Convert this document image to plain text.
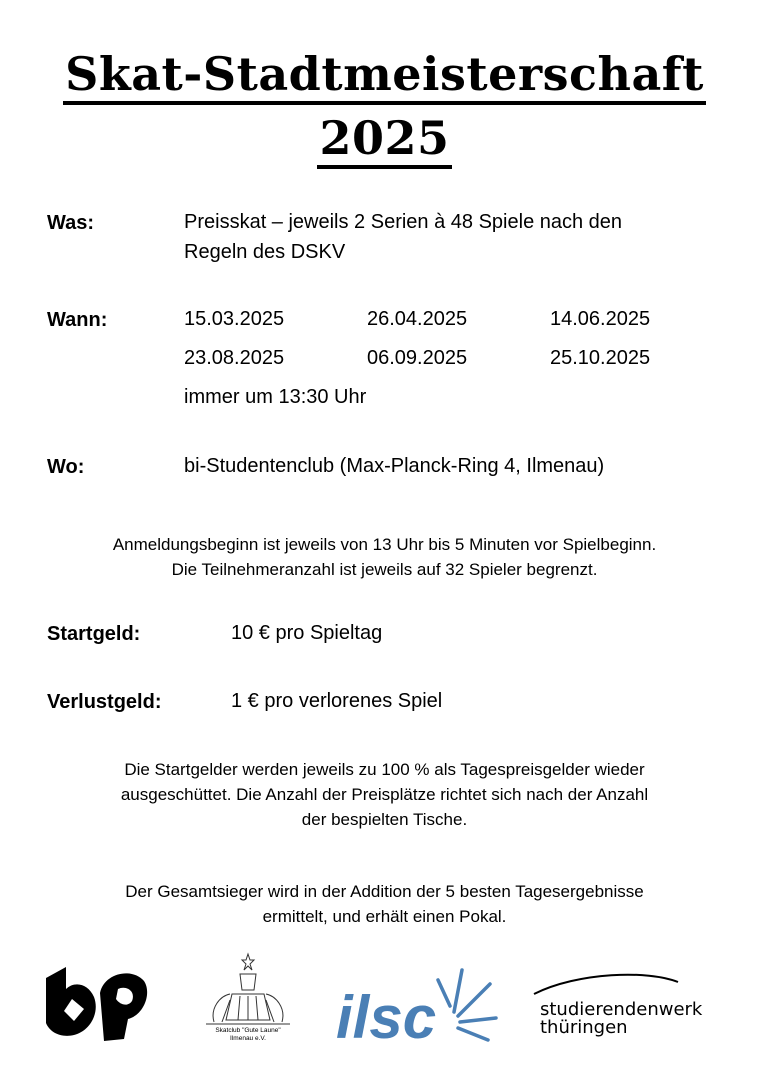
Skat-Stadtmeisterschaft
2025
Was:	Preisskat – jeweils 2 Serien à 48 Spiele nach den
Regeln des DSKV
Wann:	15.03.2025	26.04.2025	14.06.2025
23.08.2025	06.09.2025	25.10.2025
immer um 13:30 Uhr
Wo:	bi-Studentenclub (Max-Planck-Ring 4, Ilmenau)
Anmeldungsbeginn ist jeweils von 13 Uhr bis 5 Minuten vor Spielbeginn.
Die Teilnehmeranzahl ist jeweils auf 32 Spieler begrenzt.
Startgeld:	10 € pro Spieltag
Verlustgeld:	1 € pro verlorenes Spiel
Die Startgelder werden jeweils zu 100 % als Tagespreisgelder wieder
ausgeschüttet. Die Anzahl der Preisplätze richtet sich nach der Anzahl
der bespielten Tische.
Der Gesamtsieger wird in der Addition der 5 besten Tagesergebnisse
ermittelt, und erhält einen Pokal.
Skatclub "Gute Laune"
Ilmenau e.V. ilsc	studierendenwerk
thüringen
